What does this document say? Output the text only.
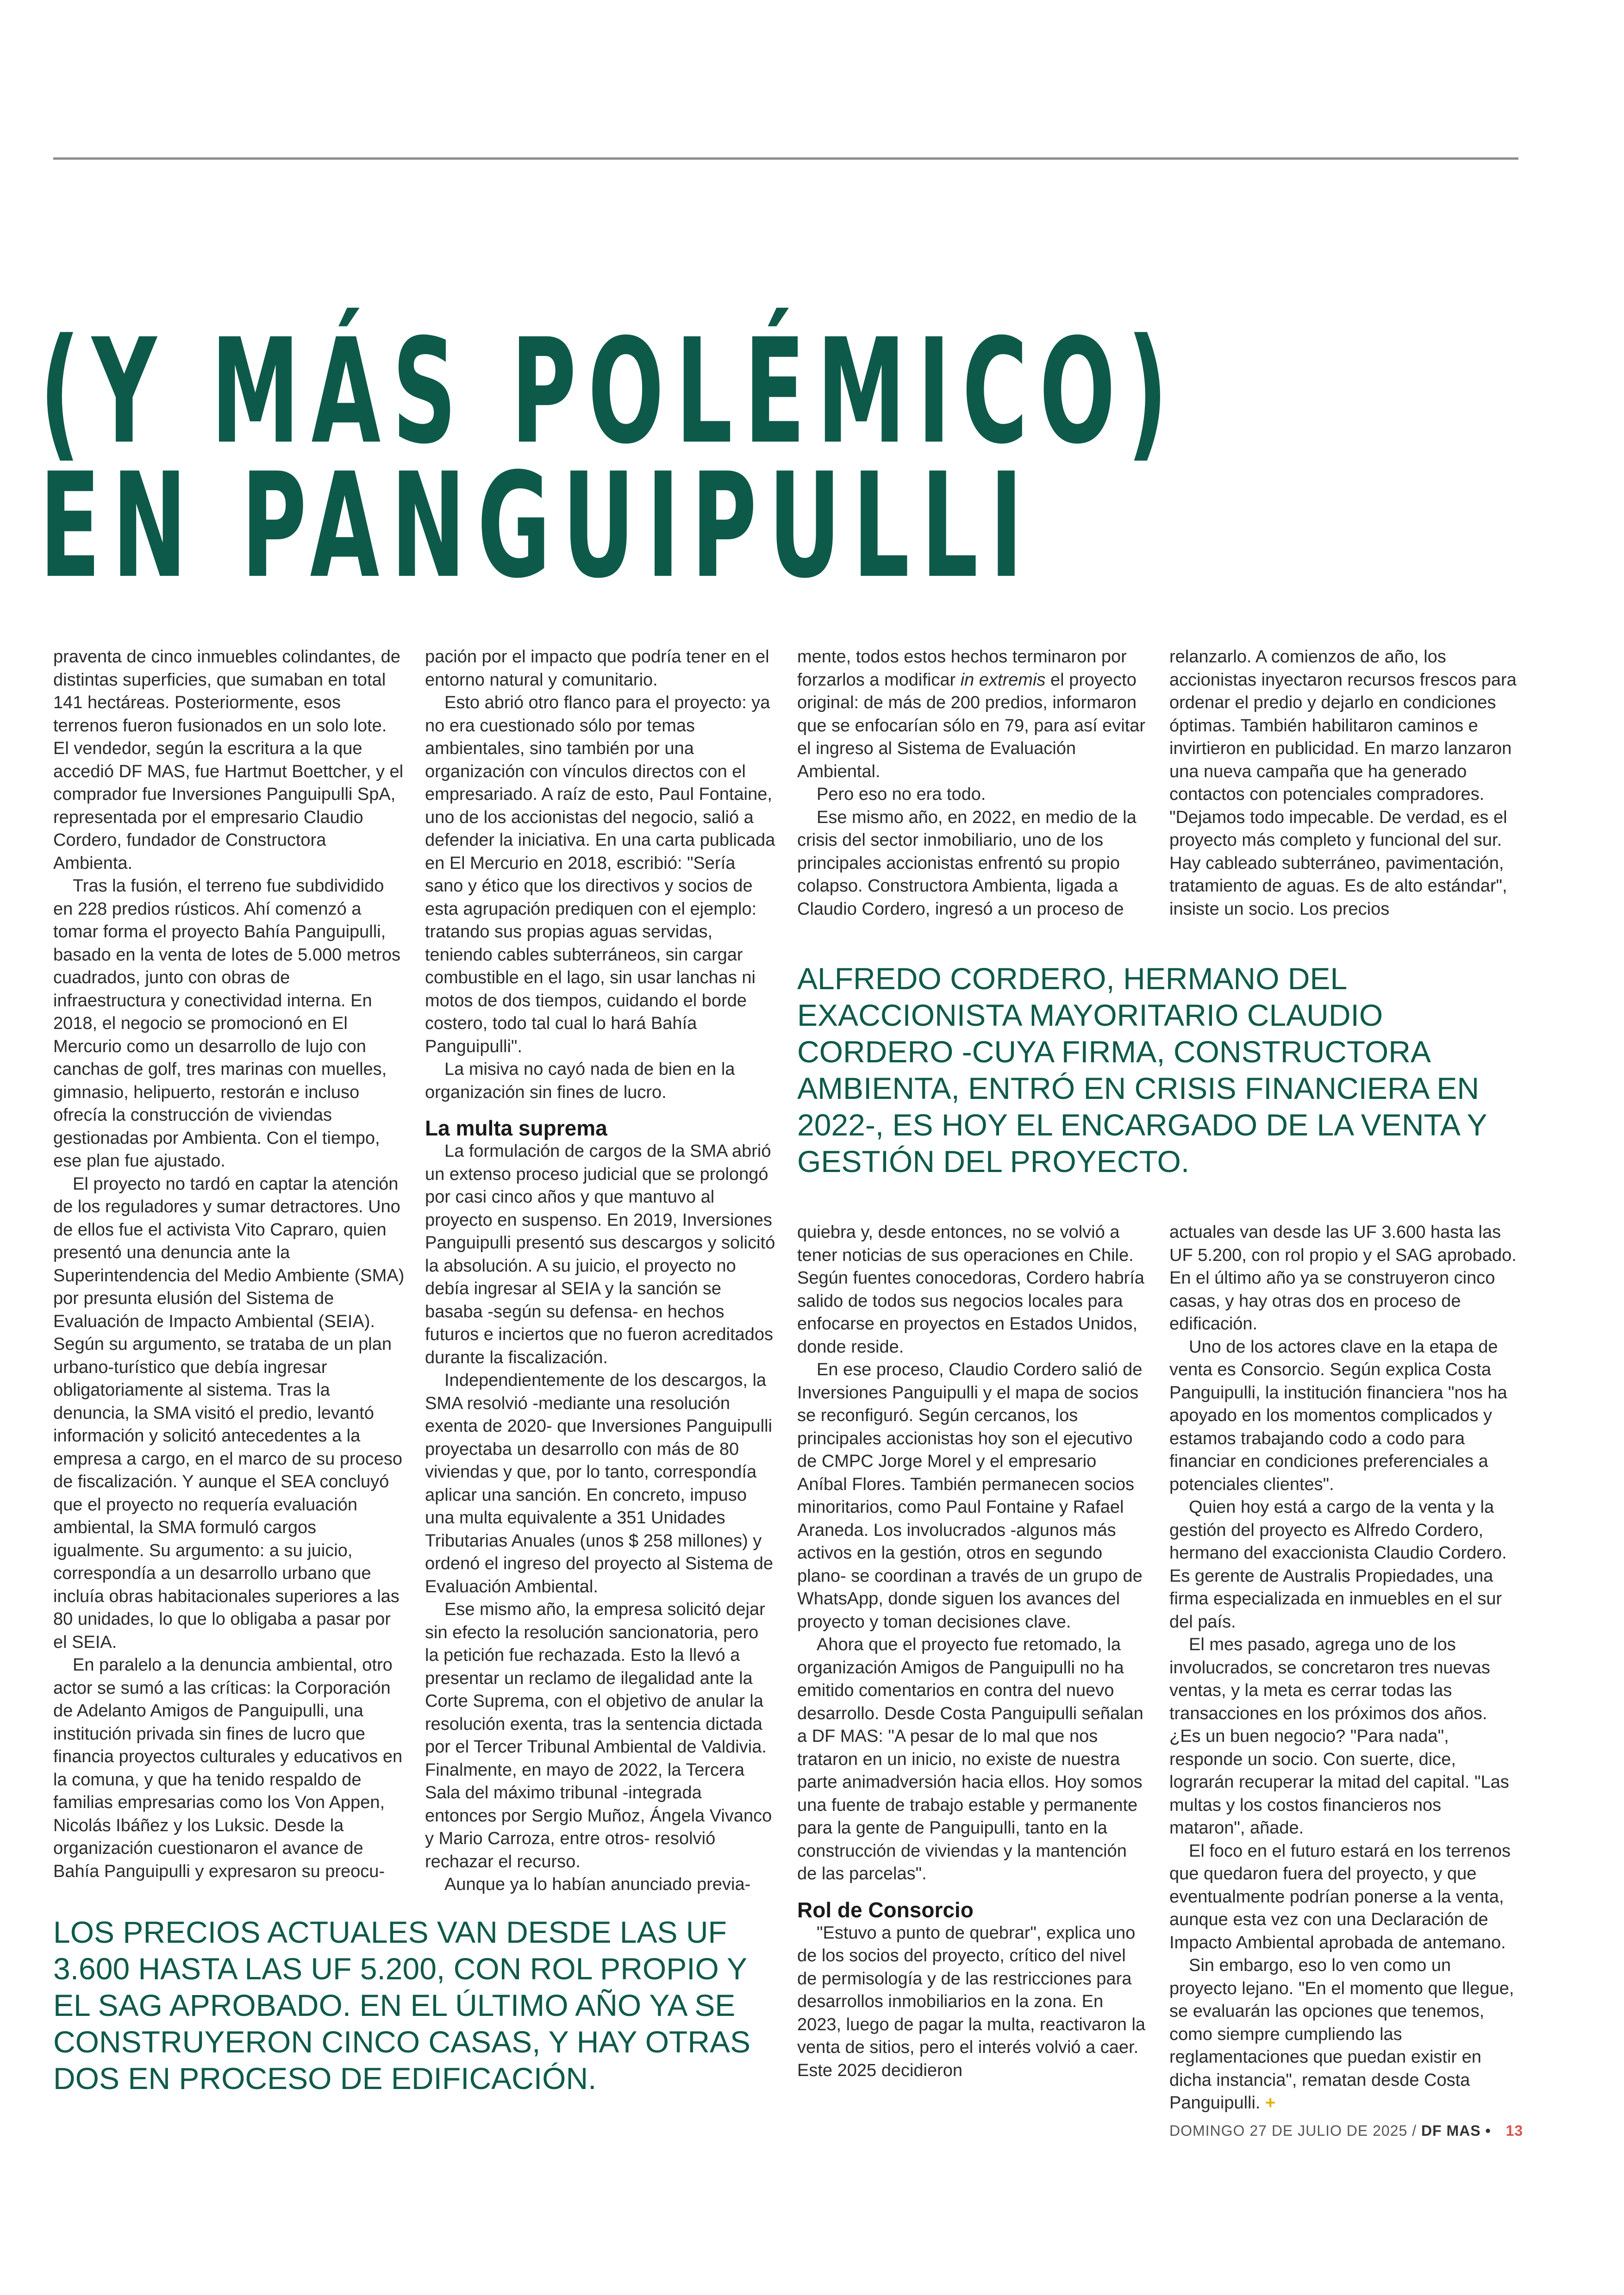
(Y MÁS POLÉMICO)
EN PANGUIPULLI

praventa de cinco inmuebles colindantes, de distintas superficies, que sumaban en total 141 hectáreas. Posteriormente, esos terrenos fueron fusionados en un solo lote. El vendedor, según la escritura a la que accedió DF MAS, fue Hartmut Boettcher, y el comprador fue Inversiones Panguipulli SpA, representada por el empresario Claudio Cordero, fundador de Constructora Ambienta.

Tras la fusión, el terreno fue subdividido en 228 predios rústicos. Ahí comenzó a tomar forma el proyecto Bahía Panguipulli, basado en la venta de lotes de 5.000 metros cuadrados, junto con obras de infraestructura y conectividad interna. En 2018, el negocio se promocionó en El Mercurio como un desarrollo de lujo con canchas de golf, tres marinas con muelles, gimnasio, helipuerto, restorán e incluso ofrecía la construcción de viviendas gestionadas por Ambienta. Con el tiempo, ese plan fue ajustado.

El proyecto no tardó en captar la atención de los reguladores y sumar detractores. Uno de ellos fue el activista Vito Capraro, quien presentó una denuncia ante la Superintendencia del Medio Ambiente (SMA) por presunta elusión del Sistema de Evaluación de Impacto Ambiental (SEIA). Según su argumento, se trataba de un plan urbano-turístico que debía ingresar obligatoriamente al sistema. Tras la denuncia, la SMA visitó el predio, levantó información y solicitó antecedentes a la empresa a cargo, en el marco de su proceso de fiscalización. Y aunque el SEA concluyó que el proyecto no requería evaluación ambiental, la SMA formuló cargos igualmente. Su argumento: a su juicio, correspondía a un desarrollo urbano que incluía obras habitacionales superiores a las 80 unidades, lo que lo obligaba a pasar por el SEIA.

En paralelo a la denuncia ambiental, otro actor se sumó a las críticas: la Corporación de Adelanto Amigos de Panguipulli, una institución privada sin fines de lucro que financia proyectos culturales y educativos en la comuna, y que ha tenido respaldo de familias empresarias como los Von Appen, Nicolás Ibáñez y los Luksic. Desde la organización cuestionaron el avance de Bahía Panguipulli y expresaron su preocu-

pación por el impacto que podría tener en el entorno natural y comunitario.

Esto abrió otro flanco para el proyecto: ya no era cuestionado sólo por temas ambientales, sino también por una organización con vínculos directos con el empresariado. A raíz de esto, Paul Fontaine, uno de los accionistas del negocio, salió a defender la iniciativa. En una carta publicada en El Mercurio en 2018, escribió: "Sería sano y ético que los directivos y socios de esta agrupación prediquen con el ejemplo: tratando sus propias aguas servidas, teniendo cables subterráneos, sin cargar combustible en el lago, sin usar lanchas ni motos de dos tiempos, cuidando el borde costero, todo tal cual lo hará Bahía Panguipulli".

La misiva no cayó nada de bien en la organización sin fines de lucro.

La multa suprema

La formulación de cargos de la SMA abrió un extenso proceso judicial que se prolongó por casi cinco años y que mantuvo al proyecto en suspenso. En 2019, Inversiones Panguipulli presentó sus descargos y solicitó la absolución. A su juicio, el proyecto no debía ingresar al SEIA y la sanción se basaba -según su defensa- en hechos futuros e inciertos que no fueron acreditados durante la fiscalización.

Independientemente de los descargos, la SMA resolvió -mediante una resolución exenta de 2020- que Inversiones Panguipulli proyectaba un desarrollo con más de 80 viviendas y que, por lo tanto, correspondía aplicar una sanción. En concreto, impuso una multa equivalente a 351 Unidades Tributarias Anuales (unos $ 258 millones) y ordenó el ingreso del proyecto al Sistema de Evaluación Ambiental.

Ese mismo año, la empresa solicitó dejar sin efecto la resolución sancionatoria, pero la petición fue rechazada. Esto la llevó a presentar un reclamo de ilegalidad ante la Corte Suprema, con el objetivo de anular la resolución exenta, tras la sentencia dictada por el Tercer Tribunal Ambiental de Valdivia. Finalmente, en mayo de 2022, la Tercera Sala del máximo tribunal -integrada entonces por Sergio Muñoz, Ángela Vivanco y Mario Carroza, entre otros- resolvió rechazar el recurso.

Aunque ya lo habían anunciado previa-

mente, todos estos hechos terminaron por forzarlos a modificar in extremis el proyecto original: de más de 200 predios, informaron que se enfocarían sólo en 79, para así evitar el ingreso al Sistema de Evaluación Ambiental.

Pero eso no era todo.

Ese mismo año, en 2022, en medio de la crisis del sector inmobiliario, uno de los principales accionistas enfrentó su propio colapso. Constructora Ambienta, ligada a Claudio Cordero, ingresó a un proceso de

relanzarlo. A comienzos de año, los accionistas inyectaron recursos frescos para ordenar el predio y dejarlo en condiciones óptimas. También habilitaron caminos e invirtieron en publicidad. En marzo lanzaron una nueva campaña que ha generado contactos con potenciales compradores. "Dejamos todo impecable. De verdad, es el proyecto más completo y funcional del sur. Hay cableado subterráneo, pavimentación, tratamiento de aguas. Es de alto estándar", insiste un socio. Los precios

ALFREDO CORDERO, HERMANO DEL EXACCIONISTA MAYORITARIO CLAUDIO CORDERO -CUYA FIRMA, CONSTRUCTORA AMBIENTA, ENTRÓ EN CRISIS FINANCIERA EN 2022-, ES HOY EL ENCARGADO DE LA VENTA Y GESTIÓN DEL PROYECTO.

quiebra y, desde entonces, no se volvió a tener noticias de sus operaciones en Chile. Según fuentes conocedoras, Cordero habría salido de todos sus negocios locales para enfocarse en proyectos en Estados Unidos, donde reside.

En ese proceso, Claudio Cordero salió de Inversiones Panguipulli y el mapa de socios se reconfiguró. Según cercanos, los principales accionistas hoy son el ejecutivo de CMPC Jorge Morel y el empresario Aníbal Flores. También permanecen socios minoritarios, como Paul Fontaine y Rafael Araneda. Los involucrados -algunos más activos en la gestión, otros en segundo plano- se coordinan a través de un grupo de WhatsApp, donde siguen los avances del proyecto y toman decisiones clave.

Ahora que el proyecto fue retomado, la organización Amigos de Panguipulli no ha emitido comentarios en contra del nuevo desarrollo. Desde Costa Panguipulli señalan a DF MAS: "A pesar de lo mal que nos trataron en un inicio, no existe de nuestra parte animadversión hacia ellos. Hoy somos una fuente de trabajo estable y permanente para la gente de Panguipulli, tanto en la construcción de viviendas y la mantención de las parcelas".

Rol de Consorcio

"Estuvo a punto de quebrar", explica uno de los socios del proyecto, crítico del nivel de permisología y de las restricciones para desarrollos inmobiliarios en la zona. En 2023, luego de pagar la multa, reactivaron la venta de sitios, pero el interés volvió a caer. Este 2025 decidieron

actuales van desde las UF 3.600 hasta las UF 5.200, con rol propio y el SAG aprobado. En el último año ya se construyeron cinco casas, y hay otras dos en proceso de edificación.

Uno de los actores clave en la etapa de venta es Consorcio. Según explica Costa Panguipulli, la institución financiera "nos ha apoyado en los momentos complicados y estamos trabajando codo a codo para financiar en condiciones preferenciales a potenciales clientes".

Quien hoy está a cargo de la venta y la gestión del proyecto es Alfredo Cordero, hermano del exaccionista Claudio Cordero. Es gerente de Australis Propiedades, una firma especializada en inmuebles en el sur del país.

El mes pasado, agrega uno de los involucrados, se concretaron tres nuevas ventas, y la meta es cerrar todas las transacciones en los próximos dos años. ¿Es un buen negocio? "Para nada", responde un socio. Con suerte, dice, lograrán recuperar la mitad del capital. "Las multas y los costos financieros nos mataron", añade.

El foco en el futuro estará en los terrenos que quedaron fuera del proyecto, y que eventualmente podrían ponerse a la venta, aunque esta vez con una Declaración de Impacto Ambiental aprobada de antemano.

Sin embargo, eso lo ven como un proyecto lejano. "En el momento que llegue, se evaluarán las opciones que tenemos, como siempre cumpliendo las reglamentaciones que puedan existir en dicha instancia", rematan desde Costa Panguipulli. +

LOS PRECIOS ACTUALES VAN DESDE LAS UF 3.600 HASTA LAS UF 5.200, CON ROL PROPIO Y EL SAG APROBADO. EN EL ÚLTIMO AÑO YA SE CONSTRUYERON CINCO CASAS, Y HAY OTRAS DOS EN PROCESO DE EDIFICACIÓN.

DOMINGO 27 DE JULIO DE 2025 / DF MAS • 13
